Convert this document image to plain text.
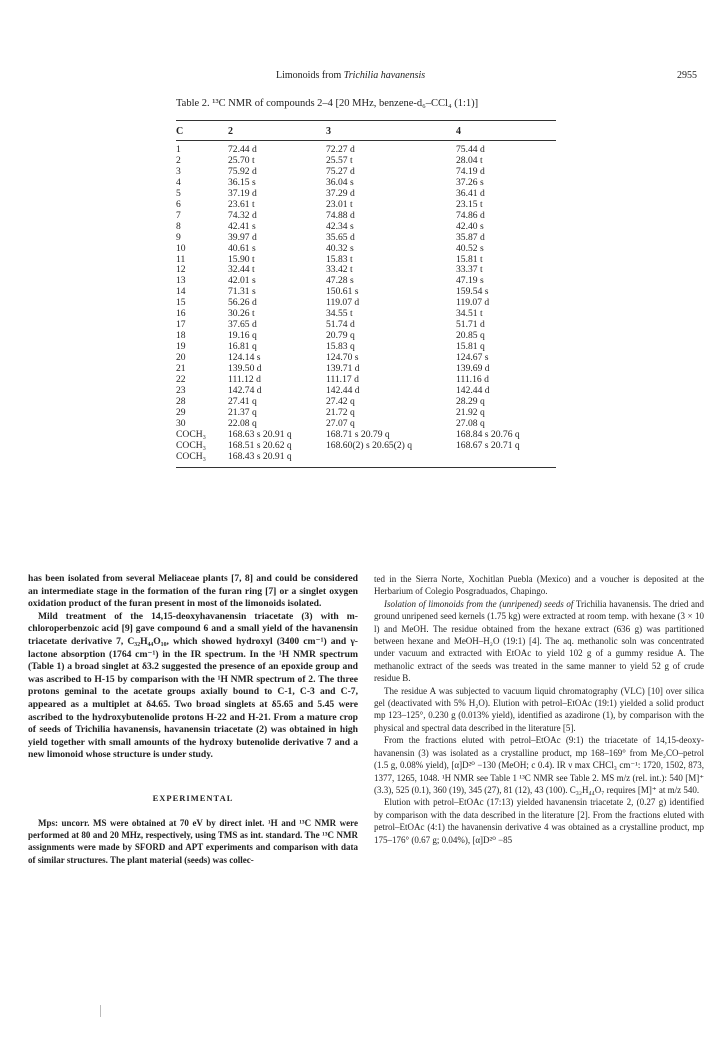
Limonoids from Trichilia havanensis	2955
Table 2. ¹³C NMR of compounds 2–4 [20 MHz, benzene-d₆–CCl₄ (1:1)]
C	2	3	4
1	72.44 d	72.27 d	75.44 d
2	25.70 t	25.57 t	28.04 t
3	75.92 d	75.27 d	74.19 d
4	36.15 s	36.04 s	37.26 s
5	37.19 d	37.29 d	36.41 d
6	23.61 t	23.01 t	23.15 t
7	74.32 d	74.88 d	74.86 d
8	42.41 s	42.34 s	42.40 s
9	39.97 d	35.65 d	35.87 d
10	40.61 s	40.32 s	40.52 s
11	15.90 t	15.83 t	15.81 t
12	32.44 t	33.42 t	33.37 t
13	42.01 s	47.28 s	47.19 s
14	71.31 s	150.61 s	159.54 s
15	56.26 d	119.07 d	119.07 d
16	30.26 t	34.55 t	34.51 t
17	37.65 d	51.74 d	51.71 d
18	19.16 q	20.79 q	20.85 q
19	16.81 q	15.83 q	15.81 q
20	124.14 s	124.70 s	124.67 s
21	139.50 d	139.71 d	139.69 d
22	111.12 d	111.17 d	111.16 d
23	142.74 d	142.44 d	142.44 d
28	27.41 q	27.42 q	28.29 q
29	21.37 q	21.72 q	21.92 q
30	22.08 q	27.07 q	27.08 q
COCH₃	168.63 s 20.91 q	168.71 s 20.79 q	168.84 s 20.76 q
COCH₃	168.51 s 20.62 q	168.60(2) s 20.65(2) q	168.67 s 20.71 q
COCH₃	168.43 s 20.91 q		

has been isolated from several Meliaceae plants [7, 8] and could be considered an intermediate stage in the formation of the furan ring [7] or a singlet oxygen oxidation product of the furan present in most of the limonoids isolated.

Mild treatment of the 14,15-deoxyhavanensin triacetate (3) with m-chloroperbenzoic acid [9] gave compound 6 and a small yield of the havanensin triacetate derivative 7, C₃₂H₄₄O₁₀, which showed hydroxyl (3400 cm⁻¹) and γ-lactone absorption (1764 cm⁻¹) in the IR spectrum. In the ¹H NMR spectrum (Table 1) a broad singlet at δ3.2 suggested the presence of an epoxide group and was ascribed to H-15 by comparison with the ¹H NMR spectrum of 2. The three protons geminal to the acetate groups axially bound to C-1, C-3 and C-7, appeared as a multiplet at δ4.65. Two broad singlets at δ5.65 and 5.45 were ascribed to the hydroxybutenolide protons H-22 and H-21. From a mature crop of seeds of Trichilia havanensis, havanensin triacetate (2) was obtained in high yield together with small amounts of the hydroxy butenolide derivative 7 and a new limonoid whose structure is under study.

EXPERIMENTAL

Mps: uncorr. MS were obtained at 70 eV by direct inlet. ¹H and ¹³C NMR were performed at 80 and 20 MHz, respectively, using TMS as int. standard. The ¹³C NMR assignments were made by SFORD and APT experiments and comparison with data of similar structures. The plant material (seeds) was collec-

ted in the Sierra Norte, Xochitlan Puebla (Mexico) and a voucher is deposited at the Herbarium of Colegio Posgraduados, Chapingo.

Isolation of limonoids from the (unripened) seeds of Trichilia havanensis. The dried and ground unripened seed kernels (1.75 kg) were extracted at room temp. with hexane (3 × 10 l) and MeOH. The residue obtained from the hexane extract (636 g) was partitioned between hexane and MeOH–H₂O (19:1) [4]. The aq. methanolic soln was concentrated under vacuum and extracted with EtOAc to yield 102 g of a gummy residue A. The methanolic extract of the seeds was treated in the same manner to yield 52 g of crude residue B.

The residue A was subjected to vacuum liquid chromatography (VLC) [10] over silica gel (deactivated with 5% H₂O). Elution with petrol–EtOAc (19:1) yielded a solid product mp 123–125°, 0.230 g (0.013% yield), identified as azadirone (1), by comparison with the physical and spectral data described in the literature [5].

From the fractions eluted with petrol–EtOAc (9:1) the triacetate of 14,15-deoxy-havanensin (3) was isolated as a crystalline product, mp 168–169° from Me₂CO–petrol (1.5 g, 0.08% yield), [α]D²⁰ −130 (MeOH; c 0.4). IR ν max CHCl₃ cm⁻¹: 1720, 1502, 873, 1377, 1265, 1048. ¹H NMR see Table 1 ¹³C NMR see Table 2. MS m/z (rel. int.): 540 [M]⁺ (3.3), 525 (0.1), 360 (19), 345 (27), 81 (12), 43 (100). C₃₂H₄₄O₇ requires [M]⁺ at m/z 540.

Elution with petrol–EtOAc (17:13) yielded havanensin triacetate 2, (0.27 g) identified by comparison with the data described in the literature [2]. From the fractions eluted with petrol–EtOAc (4:1) the havanensin derivative 4 was obtained as a crystalline product, mp 175–176° (0.67 g; 0.04%), [α]D²⁰ −85
